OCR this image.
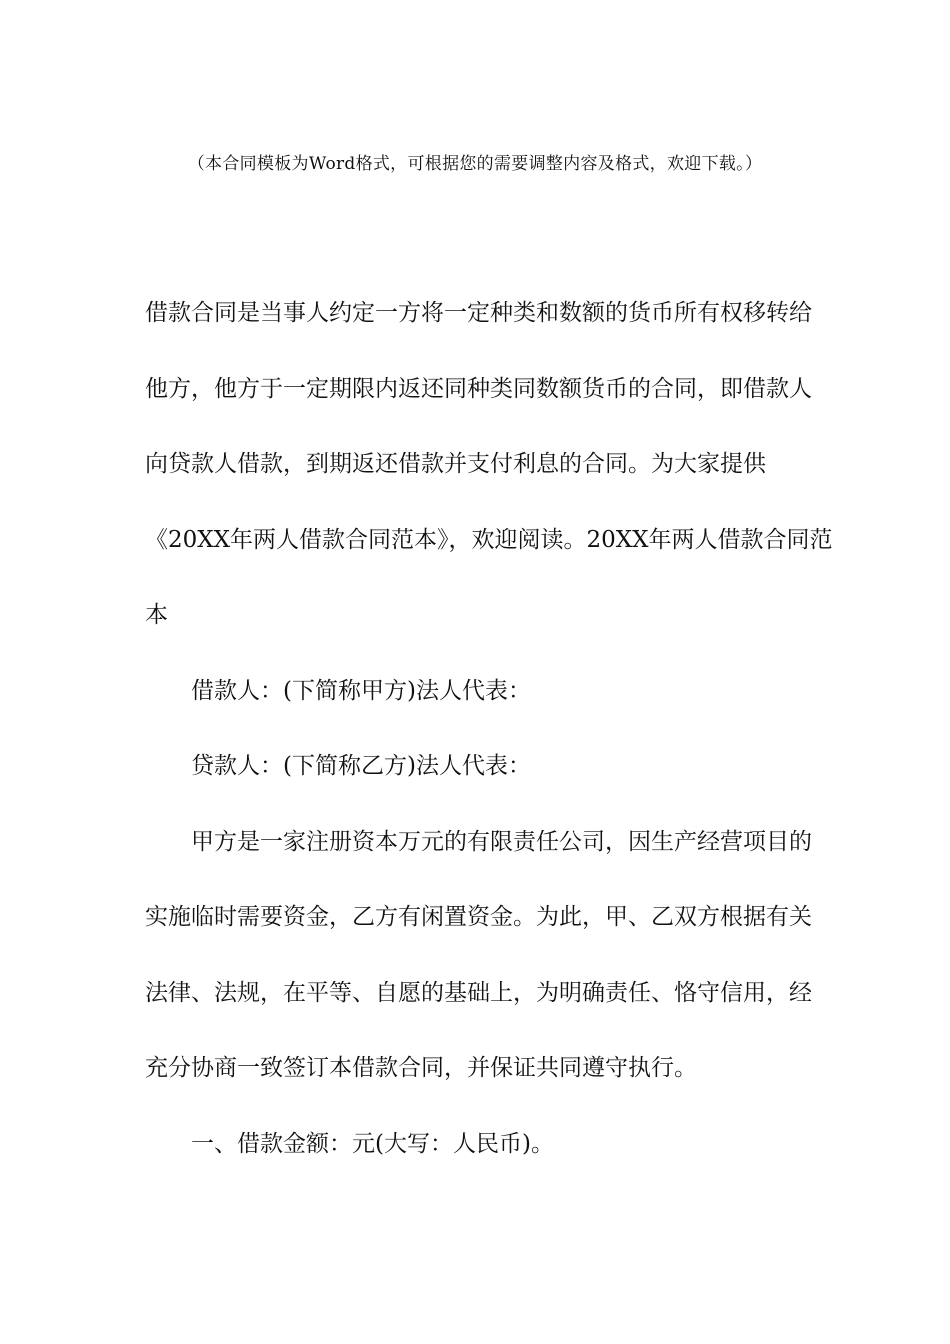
（本合同模板为Word格式，可根据您的需要调整内容及格式，欢迎下载。）
借款合同是当事人约定一方将一定种类和数额的货币所有权移转给
他方，他方于一定期限内返还同种类同数额货币的合同，即借款人
向贷款人借款，到期返还借款并支付利息的合同。为大家提供
《20XX年两人借款合同范本》，欢迎阅读。20XX年两人借款合同范
本
借款人：(下简称甲方)法人代表：
贷款人：(下简称乙方)法人代表：
甲方是一家注册资本万元的有限责任公司，因生产经营项目的
实施临时需要资金，乙方有闲置资金。为此，甲、乙双方根据有关
法律、法规，在平等、自愿的基础上，为明确责任、恪守信用，经
充分协商一致签订本借款合同，并保证共同遵守执行。
一、借款金额：元(大写：人民币)。
